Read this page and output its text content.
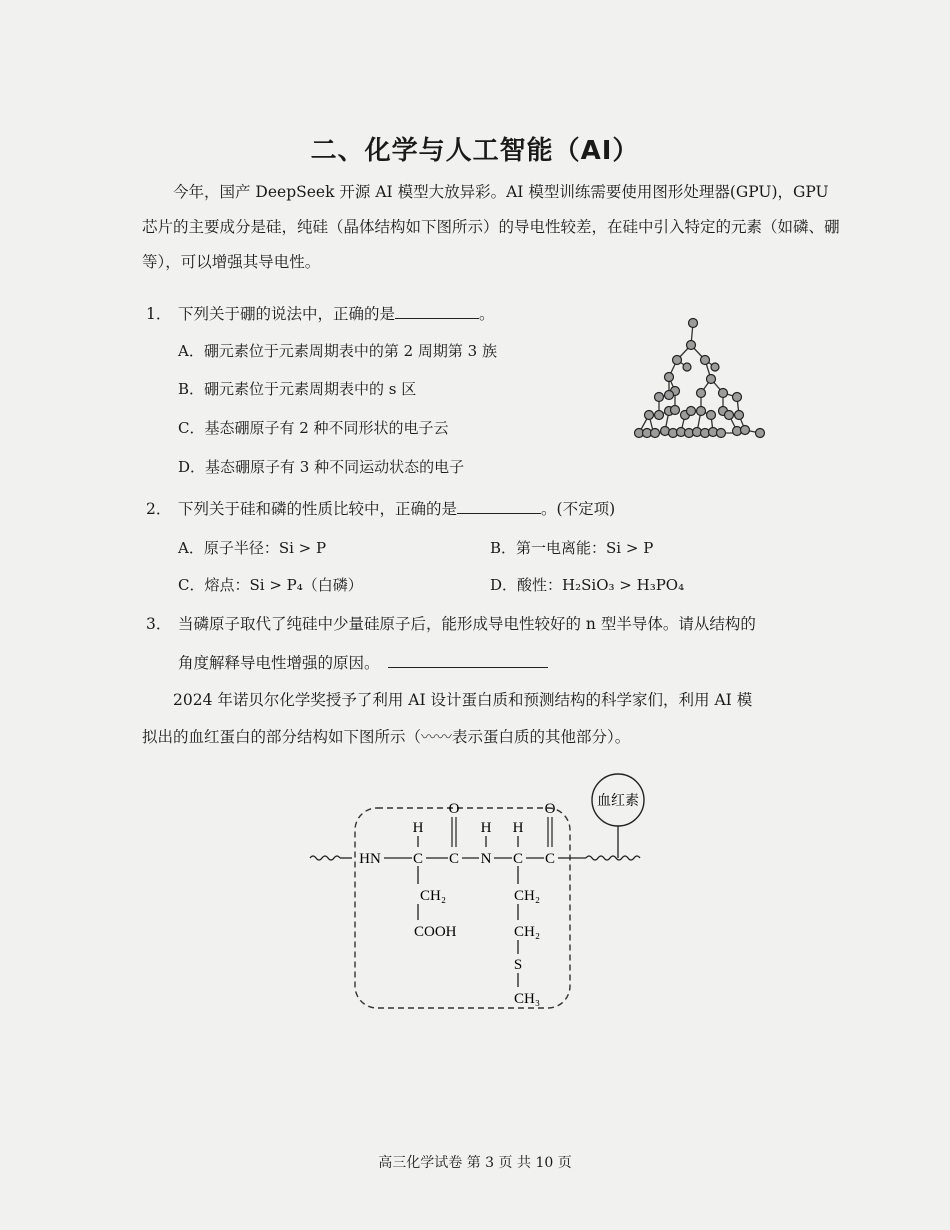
二、化学与人工智能（AI）
今年，国产 DeepSeek 开源 AI 模型大放异彩。AI 模型训练需要使用图形处理器(GPU)，GPU 芯片的主要成分是硅，纯硅（晶体结构如下图所示）的导电性较差，在硅中引入特定的元素（如磷、硼等），可以增强其导电性。
1． 下列关于硼的说法中，正确的是	。
A．硼元素位于元素周期表中的第 2 周期第 3 族
B．硼元素位于元素周期表中的 s 区
C．基态硼原子有 2 种不同形状的电子云
D．基态硼原子有 3 种不同运动状态的电子
2． 下列关于硅和磷的性质比较中，正确的是	。(不定项)
A．原子半径：Si > P	B．第一电离能：Si > P
C．熔点：Si > P₄（白磷）	D．酸性：H₂SiO₃ > H₃PO₄
3． 当磷原子取代了纯硅中少量硅原子后，能形成导电性较好的 n 型半导体。请从结构的
角度解释导电性增强的原因。
2024 年诺贝尔化学奖授予了利用 AI 设计蛋白质和预测结构的科学家们，利用 AI 模
拟出的血红蛋白的部分结构如下图所示（〰〰表示蛋白质的其他部分）。
血红素
HN C C N C C
H
O
H H
O
CH₂
COOH
CH₂
CH₂
S
CH₃
高三化学试卷 第 3 页 共 10 页
